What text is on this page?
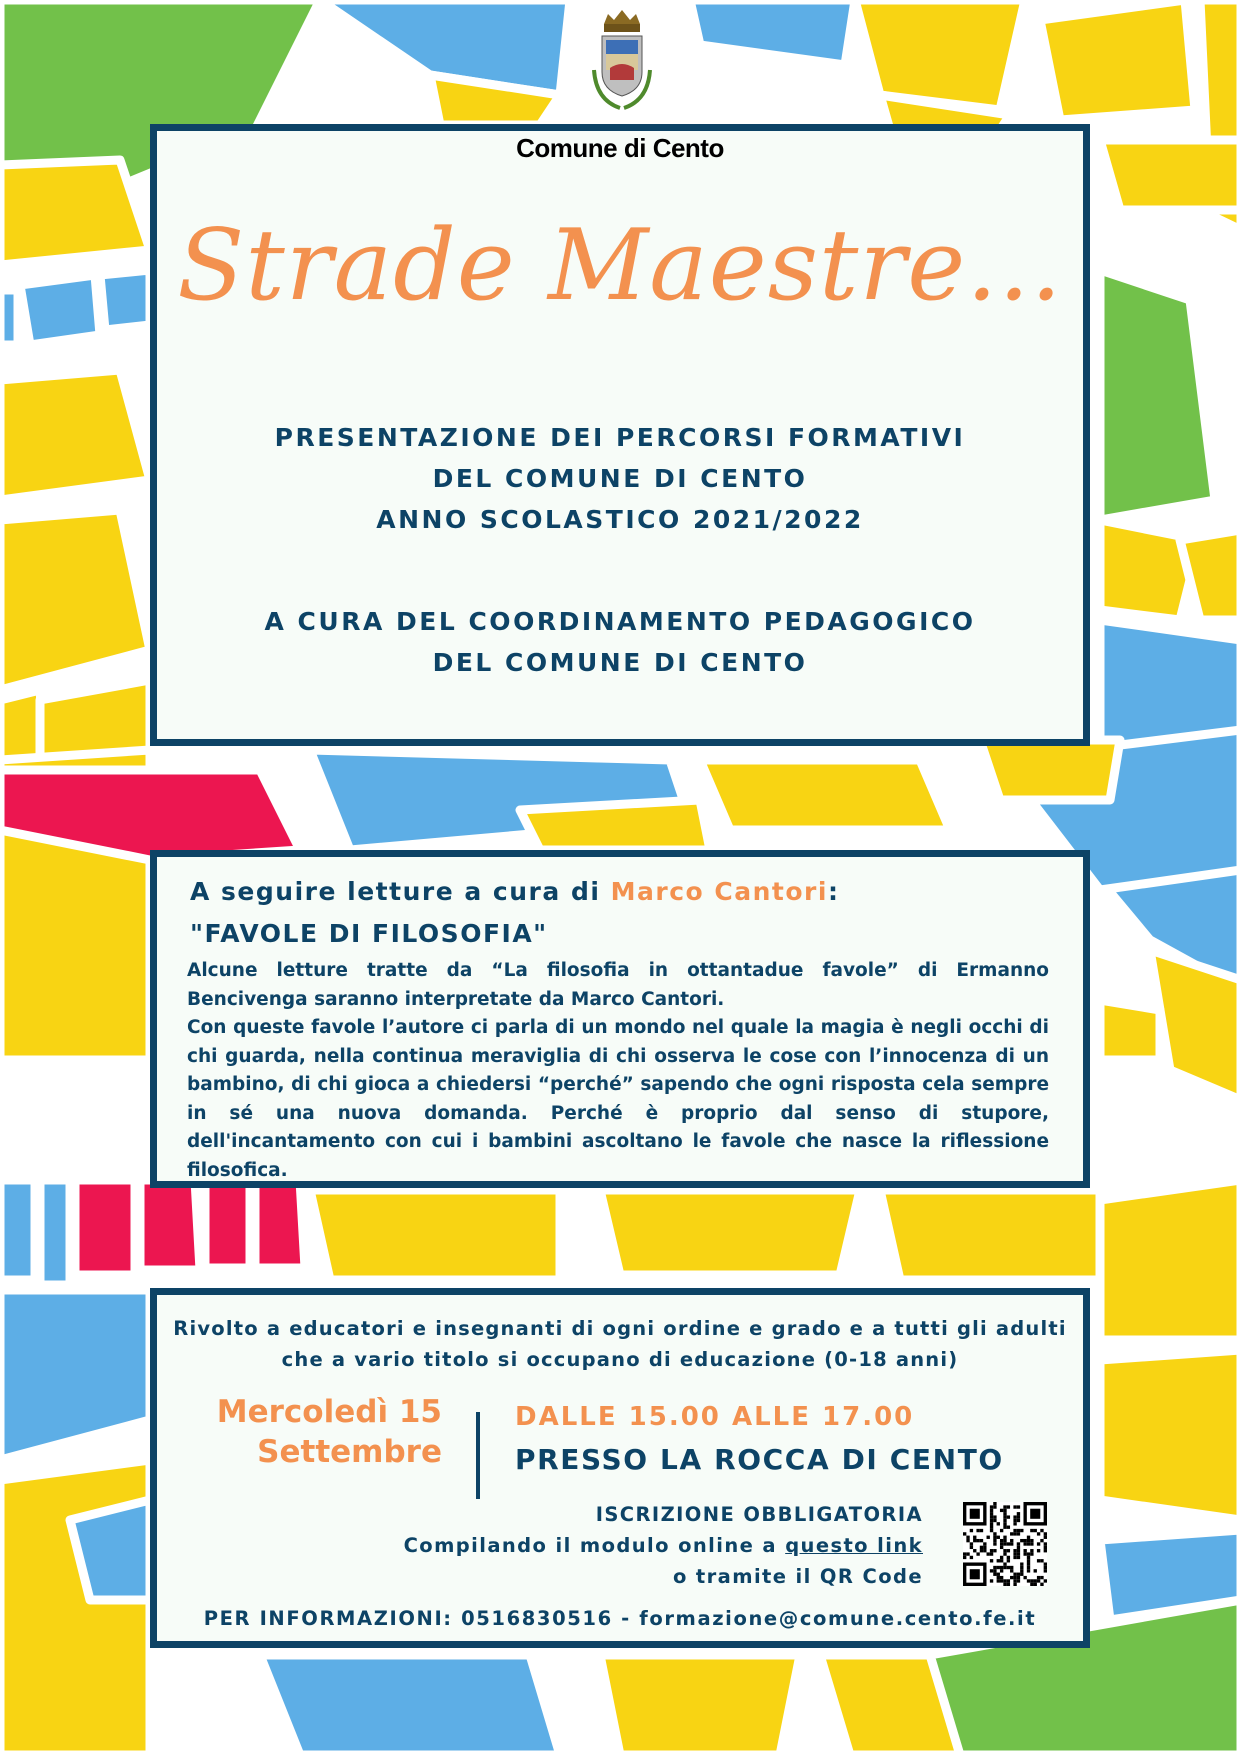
Comune di Cento
Strade Maestre...
PRESENTAZIONE DEI PERCORSI FORMATIVI
DEL COMUNE DI CENTO
ANNO SCOLASTICO 2021/2022
A CURA DEL COORDINAMENTO PEDAGOGICO
DEL COMUNE DI CENTO
A seguire letture a cura di Marco Cantori:
"FAVOLE DI FILOSOFIA"

Alcune letture tratte da “La filosofia in ottantadue favole” di Ermanno Bencivenga saranno interpretate da Marco Cantori.

Con queste favole l’autore ci parla di un mondo nel quale la magia è negli occhi di chi guarda, nella continua meraviglia di chi osserva le cose con l’innocenza di un bambino, di chi gioca a chiedersi “perché” sapendo che ogni risposta cela sempre in sé una nuova domanda. Perché è proprio dal senso di stupore, dell'incantamento con cui i bambini ascoltano le favole che nasce la riflessione filosofica.

Rivolto a educatori e insegnanti di ogni ordine e grado e a tutti gli adulti
che a vario titolo si occupano di educazione (0-18 anni)
Mercoledì 15
Settembre
DALLE 15.00 ALLE 17.00
PRESSO LA ROCCA DI CENTO
ISCRIZIONE OBBLIGATORIA
Compilando il modulo online a questo link
o tramite il QR Code
PER INFORMAZIONI: 0516830516 - formazione@comune.cento.fe.it
